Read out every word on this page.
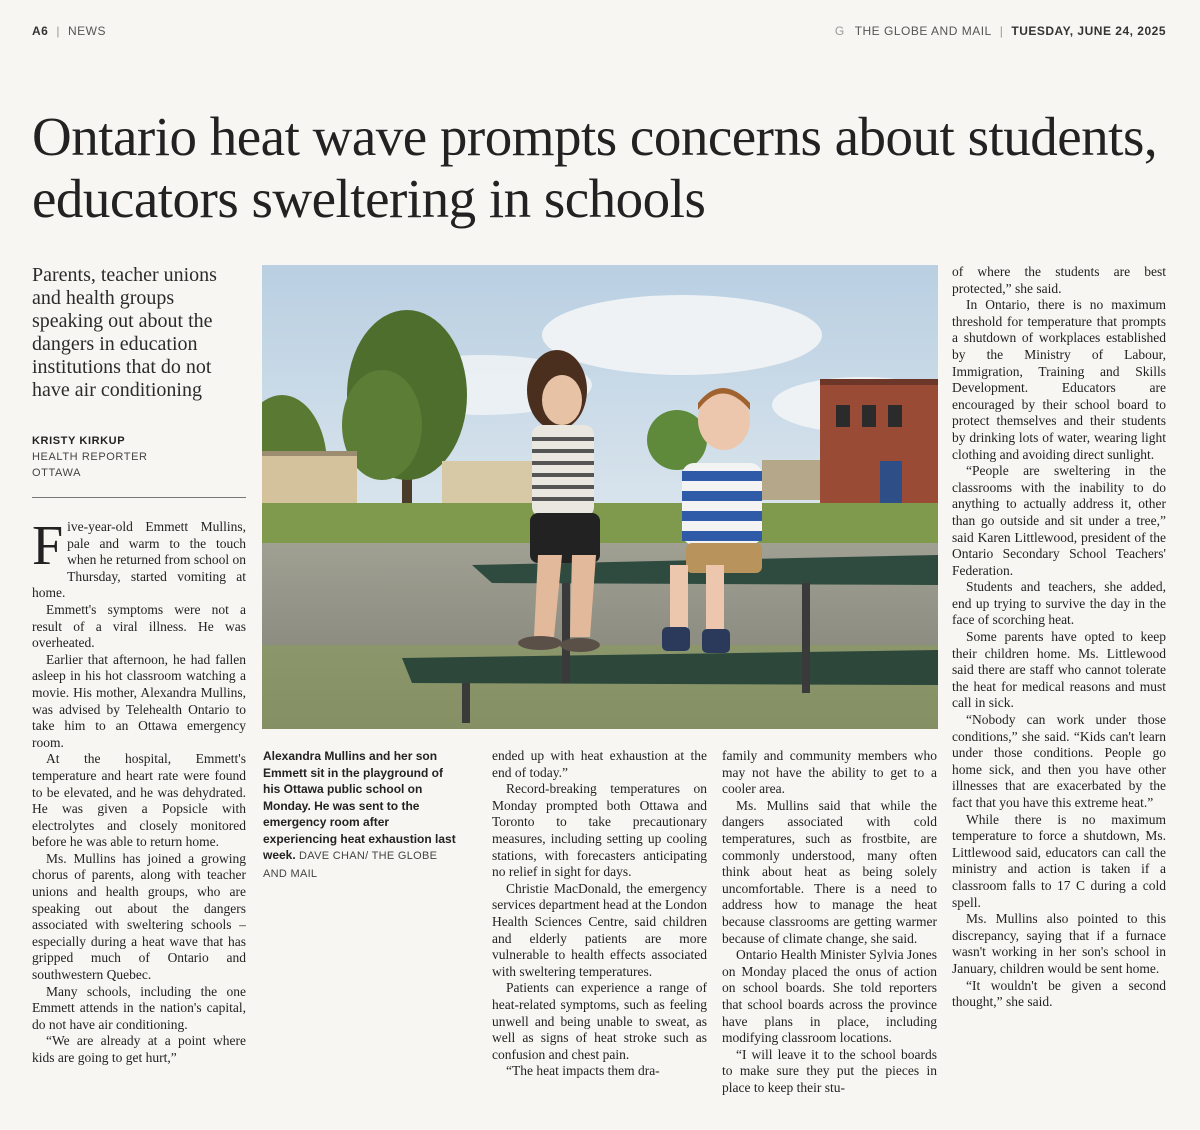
A6 | NEWS	G THE GLOBE AND MAIL | TUESDAY, JUNE 24, 2025
Ontario heat wave prompts concerns about students, educators sweltering in schools
Parents, teacher unions and health groups speaking out about the dangers in education institutions that do not have air conditioning
KRISTY KIRKUP
HEALTH REPORTER
OTTAWA

Five-year-old Emmett Mullins, pale and warm to the touch when he returned from school on Thursday, started vomiting at home.

Emmett's symptoms were not a result of a viral illness. He was overheated.

Earlier that afternoon, he had fallen asleep in his hot classroom watching a movie. His mother, Alexandra Mullins, was advised by Telehealth Ontario to take him to an Ottawa emergency room.

At the hospital, Emmett's temperature and heart rate were found to be elevated, and he was dehydrated. He was given a Popsicle with electrolytes and closely monitored before he was able to return home.

Ms. Mullins has joined a growing chorus of parents, along with teacher unions and health groups, who are speaking out about the dangers associated with sweltering schools – especially during a heat wave that has gripped much of Ontario and southwestern Quebec.

Many schools, including the one Emmett attends in the nation's capital, do not have air conditioning.

“We are already at a point where kids are going to get hurt,”

Alexandra Mullins and her son Emmett sit in the playground of his Ottawa public school on Monday. He was sent to the emergency room after experiencing heat exhaustion last week. DAVE CHAN/ THE GLOBE AND MAIL

ended up with heat exhaustion at the end of today.”

Record-breaking temperatures on Monday prompted both Ottawa and Toronto to take precautionary measures, including setting up cooling stations, with forecasters anticipating no relief in sight for days.

Christie MacDonald, the emergency services department head at the London Health Sciences Centre, said children and elderly patients are more vulnerable to health effects associated with sweltering temperatures.

Patients can experience a range of heat-related symptoms, such as feeling unwell and being unable to sweat, as well as signs of heat stroke such as confusion and chest pain.

“The heat impacts them dra-

family and community members who may not have the ability to get to a cooler area.

Ms. Mullins said that while the dangers associated with cold temperatures, such as frostbite, are commonly understood, many often think about heat as being solely uncomfortable. There is a need to address how to manage the heat because classrooms are getting warmer because of climate change, she said.

Ontario Health Minister Sylvia Jones on Monday placed the onus of action on school boards. She told reporters that school boards across the province have plans in place, including modifying classroom locations.

“I will leave it to the school boards to make sure they put the pieces in place to keep their stu-

of where the students are best protected,” she said.

In Ontario, there is no maximum threshold for temperature that prompts a shutdown of workplaces established by the Ministry of Labour, Immigration, Training and Skills Development. Educators are encouraged by their school board to protect themselves and their students by drinking lots of water, wearing light clothing and avoiding direct sunlight.

“People are sweltering in the classrooms with the inability to do anything to actually address it, other than go outside and sit under a tree,” said Karen Littlewood, president of the Ontario Secondary School Teachers' Federation.

Students and teachers, she added, end up trying to survive the day in the face of scorching heat.

Some parents have opted to keep their children home. Ms. Littlewood said there are staff who cannot tolerate the heat for medical reasons and must call in sick.

“Nobody can work under those conditions,” she said. “Kids can't learn under those conditions. People go home sick, and then you have other illnesses that are exacerbated by the fact that you have this extreme heat.”

While there is no maximum temperature to force a shutdown, Ms. Littlewood said, educators can call the ministry and action is taken if a classroom falls to 17 C during a cold spell.

Ms. Mullins also pointed to this discrepancy, saying that if a furnace wasn't working in her son's school in January, children would be sent home.

“It wouldn't be given a second thought,” she said.
